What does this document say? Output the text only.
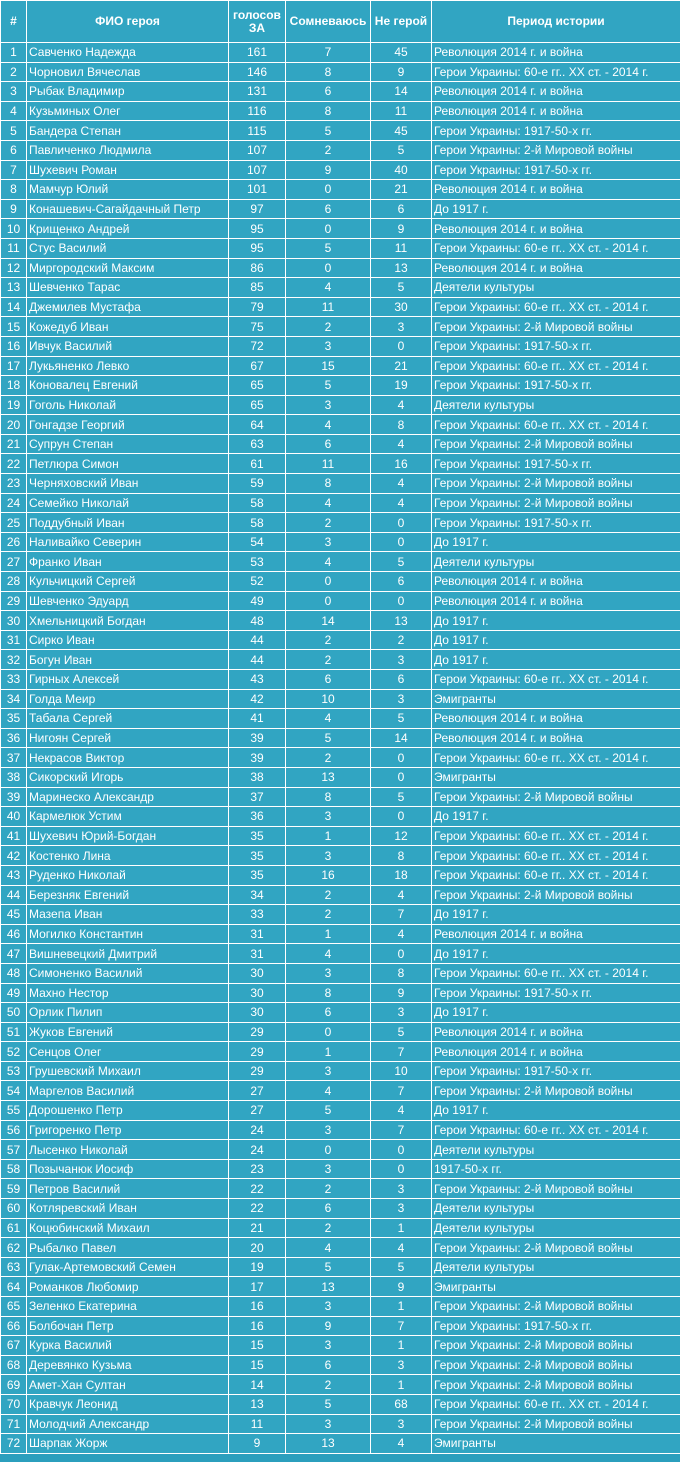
#	ФИО героя	голосов ЗА	Сомневаюсь	Не герой	Период истории
1	Савченко Надежда	161	7	45	Революция 2014 г. и война
2	Чорновил Вячеслав	146	8	9	Герои Украины: 60-е гг.. XX ст. - 2014 г.
3	Рыбак Владимир	131	6	14	Революция 2014 г. и война
4	Кузьминых Олег	116	8	11	Революция 2014 г. и война
5	Бандера Степан	115	5	45	Герои Украины: 1917-50-х гг.
6	Павличенко Людмила	107	2	5	Герои Украины: 2-й Мировой войны
7	Шухевич Роман	107	9	40	Герои Украины: 1917-50-х гг.
8	Мамчур Юлий	101	0	21	Революция 2014 г. и война
9	Конашевич-Сагайдачный Петр	97	6	6	До 1917 г.
10	Крищенко Андрей	95	0	9	Революция 2014 г. и война
11	Стус Василий	95	5	11	Герои Украины: 60-е гг.. XX ст. - 2014 г.
12	Миргородский Максим	86	0	13	Революция 2014 г. и война
13	Шевченко Тарас	85	4	5	Деятели культуры
14	Джемилев Мустафа	79	11	30	Герои Украины: 60-е гг.. XX ст. - 2014 г.
15	Кожедуб Иван	75	2	3	Герои Украины: 2-й Мировой войны
16	Ивчук Василий	72	3	0	Герои Украины: 1917-50-х гг.
17	Лукьяненко Левко	67	15	21	Герои Украины: 60-е гг.. XX ст. - 2014 г.
18	Коновалец Евгений	65	5	19	Герои Украины: 1917-50-х гг.
19	Гоголь Николай	65	3	4	Деятели культуры
20	Гонгадзе Георгий	64	4	8	Герои Украины: 60-е гг.. XX ст. - 2014 г.
21	Супрун Степан	63	6	4	Герои Украины: 2-й Мировой войны
22	Петлюра Симон	61	11	16	Герои Украины: 1917-50-х гг.
23	Черняховский Иван	59	8	4	Герои Украины: 2-й Мировой войны
24	Семейко Николай	58	4	4	Герои Украины: 2-й Мировой войны
25	Поддубный Иван	58	2	0	Герои Украины: 1917-50-х гг.
26	Наливайко Северин	54	3	0	До 1917 г.
27	Франко Иван	53	4	5	Деятели культуры
28	Кульчицкий Сергей	52	0	6	Революция 2014 г. и война
29	Шевченко Эдуард	49	0	0	Революция 2014 г. и война
30	Хмельницкий Богдан	48	14	13	До 1917 г.
31	Сирко Иван	44	2	2	До 1917 г.
32	Богун Иван	44	2	3	До 1917 г.
33	Гирных Алексей	43	6	6	Герои Украины: 60-е гг.. XX ст. - 2014 г.
34	Голда Меир	42	10	3	Эмигранты
35	Табала Сергей	41	4	5	Революция 2014 г. и война
36	Нигоян Сергей	39	5	14	Революция 2014 г. и война
37	Некрасов Виктор	39	2	0	Герои Украины: 60-е гг.. XX ст. - 2014 г.
38	Сикорский Игорь	38	13	0	Эмигранты
39	Маринеско Александр	37	8	5	Герои Украины: 2-й Мировой войны
40	Кармелюк Устим	36	3	0	До 1917 г.
41	Шухевич Юрий-Богдан	35	1	12	Герои Украины: 60-е гг.. XX ст. - 2014 г.
42	Костенко Лина	35	3	8	Герои Украины: 60-е гг.. XX ст. - 2014 г.
43	Руденко Николай	35	16	18	Герои Украины: 60-е гг.. XX ст. - 2014 г.
44	Березняк Евгений	34	2	4	Герои Украины: 2-й Мировой войны
45	Мазепа Иван	33	2	7	До 1917 г.
46	Могилко Константин	31	1	4	Революция 2014 г. и война
47	Вишневецкий Дмитрий	31	4	0	До 1917 г.
48	Симоненко Василий	30	3	8	Герои Украины: 60-е гг.. XX ст. - 2014 г.
49	Махно Нестор	30	8	9	Герои Украины: 1917-50-х гг.
50	Орлик Пилип	30	6	3	До 1917 г.
51	Жуков Евгений	29	0	5	Революция 2014 г. и война
52	Сенцов Олег	29	1	7	Революция 2014 г. и война
53	Грушевский Михаил	29	3	10	Герои Украины: 1917-50-х гг.
54	Маргелов Василий	27	4	7	Герои Украины: 2-й Мировой войны
55	Дорошенко Петр	27	5	4	До 1917 г.
56	Григоренко Петр	24	3	7	Герои Украины: 60-е гг.. XX ст. - 2014 г.
57	Лысенко Николай	24	0	0	Деятели культуры
58	Позычанюк Иосиф	23	3	0	1917-50-х гг.
59	Петров Василий	22	2	3	Герои Украины: 2-й Мировой войны
60	Котляревский Иван	22	6	3	Деятели культуры
61	Коцюбинский Михаил	21	2	1	Деятели культуры
62	Рыбалко Павел	20	4	4	Герои Украины: 2-й Мировой войны
63	Гулак-Артемовский Семен	19	5	5	Деятели культуры
64	Романков Любомир	17	13	9	Эмигранты
65	Зеленко Екатерина	16	3	1	Герои Украины: 2-й Мировой войны
66	Болбочан Петр	16	9	7	Герои Украины: 1917-50-х гг.
67	Курка Василий	15	3	1	Герои Украины: 2-й Мировой войны
68	Деревянко Кузьма	15	6	3	Герои Украины: 2-й Мировой войны
69	Амет-Хан Султан	14	2	1	Герои Украины: 2-й Мировой войны
70	Кравчук Леонид	13	5	68	Герои Украины: 60-е гг.. XX ст. - 2014 г.
71	Молодчий Александр	11	3	3	Герои Украины: 2-й Мировой войны
72	Шарпак Жорж	9	13	4	Эмигранты
